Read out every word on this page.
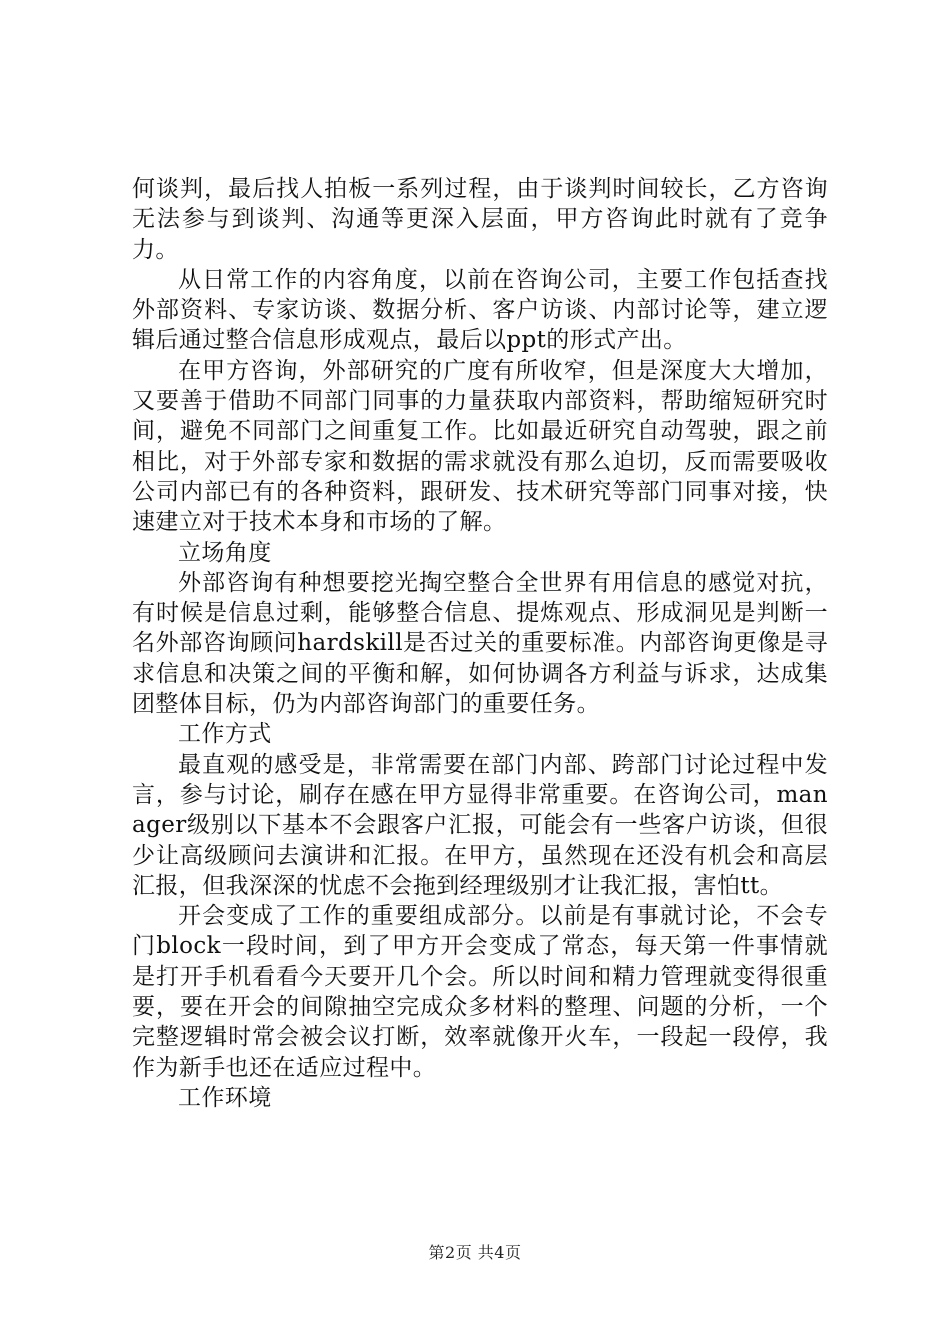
何谈判，最后找人拍板一系列过程，由于谈判时间较长，乙方咨询无法参与到谈判、沟通等更深入层面，甲方咨询此时就有了竞争力。

从日常工作的内容角度，以前在咨询公司，主要工作包括查找外部资料、专家访谈、数据分析、客户访谈、内部讨论等，建立逻辑后通过整合信息形成观点，最后以ppt的形式产出。

在甲方咨询，外部研究的广度有所收窄，但是深度大大增加，又要善于借助不同部门同事的力量获取内部资料，帮助缩短研究时间，避免不同部门之间重复工作。比如最近研究自动驾驶，跟之前相比，对于外部专家和数据的需求就没有那么迫切，反而需要吸收公司内部已有的各种资料，跟研发、技术研究等部门同事对接，快速建立对于技术本身和市场的了解。

立场角度

外部咨询有种想要挖光掏空整合全世界有用信息的感觉对抗，有时候是信息过剩，能够整合信息、提炼观点、形成洞见是判断一名外部咨询顾问hardskill是否过关的重要标准。内部咨询更像是寻求信息和决策之间的平衡和解，如何协调各方利益与诉求，达成集团整体目标，仍为内部咨询部门的重要任务。

工作方式

最直观的感受是，非常需要在部门内部、跨部门讨论过程中发言，参与讨论，刷存在感在甲方显得非常重要。在咨询公司，manager级别以下基本不会跟客户汇报，可能会有一些客户访谈，但很少让高级顾问去演讲和汇报。在甲方，虽然现在还没有机会和高层汇报，但我深深的忧虑不会拖到经理级别才让我汇报，害怕tt。

开会变成了工作的重要组成部分。以前是有事就讨论，不会专门block一段时间，到了甲方开会变成了常态，每天第一件事情就是打开手机看看今天要开几个会。所以时间和精力管理就变得很重要，要在开会的间隙抽空完成众多材料的整理、问题的分析，一个完整逻辑时常会被会议打断，效率就像开火车，一段起一段停，我作为新手也还在适应过程中。

工作环境

第2页 共4页
